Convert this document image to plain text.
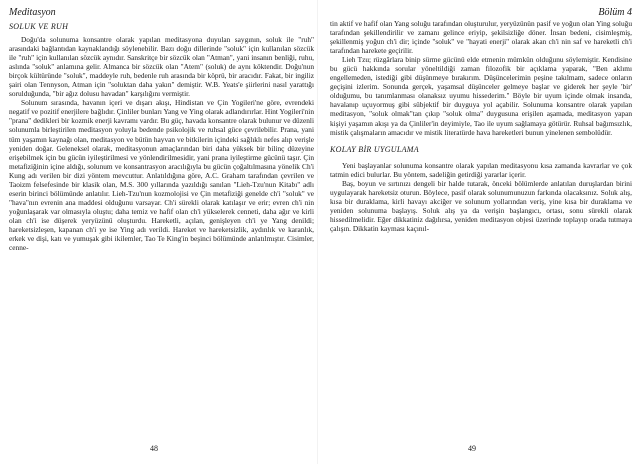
Meditasyon
SOLUK VE RUH

Doğu'da solunuma konsantre olarak yapılan meditasyona duyulan saygının, soluk ile "ruh" arasındaki bağlantıdan kaynaklandığı söylenebilir. Bazı doğu dillerinde "soluk" için kullanılan sözcük ile "ruh" için kullanılan sözcük aynıdır. Sanskritçe bir sözcük olan "Atman", yani insanın benliği, ruhu, aslında "soluk" anlamına gelir. Almanca bir sözcük olan "Atem" (soluk) de aynı köktendir. Doğu'nun birçok kültüründe "soluk", maddeyle ruh, bedenle ruh arasında bir köprü, bir aracıdır. Fakat, bir ingiliz şairi olan Tennyson, Atman için "soluktan daha yakın" demiştir. W.B. Yeats'e şiirlerini nasıl yarattığı sorulduğunda, "bir ağız dolusu havadan" karşılığını vermiştir.

Solunum sırasında, havanın içeri ve dışarı akışı, Hindistan ve Çin Yogileri'ne göre, evrendeki negatif ve pozitif enerjilere bağlıdır. Çinliler bunları Yang ve Ying olarak adlandırırlar. Hint Yogileri'nin "prana" dedikleri bir kozmik enerji kavramı vardır. Bu güç, havada konsantre olarak bulunur ve düzenli solunumla birleştirilen meditasyon yoluyla bedende psikolojik ve ruhsal güce çevrilebilir. Prana, yani tüm yaşamın kaynağı olan, meditasyon ve bütün hayvan ve bitkilerin içindeki sağlıklı nefes alıp verişle yeniden doğar. Geleneksel olarak, meditasyonun amaçlarından biri daha yüksek bir bilinç düzeyine erişebilmek için bu gücün iyileştirilmesi ve yönlendirilmesidir, yani prana iyileştirme gücünü taşır. Çin metafiziğinin içine aldığı, solunum ve konsantrasyon aracılığıyla bu gücün çoğaltılmasına yönelik Ch'i Kung adı verilen bir dizi yöntem mevcuttur. Anlatıldığına göre, A.C. Graham tarafından çevrilen ve Taoizm felsefesinde bir klasik olan, M.S. 300 yıllarında yazıldığı sanılan "Lieh-Tzu'nun Kitabı" adlı eserin birinci bölümünde anlatılır. Lieh-Tzu'nun kozmolojisi ve Çin metafiziği genelde ch'i "soluk" ve "hava"nın evrenin ana maddesi olduğunu varsayar. Ch'i sürekli olarak katılaşır ve erir; evren ch'i nin yoğunlaşarak var olmasıyla oluştu; daha temiz ve hafif olan ch'i yükselerek cenneti, daha ağır ve kirli olan ch'i ise düşerek yeryüzünü oluşturdu. Hareketli, açılan, genişleyen ch'i ye Yang denildi; hareketsizleşen, kapanan ch'i ye ise Ying adı verildi. Hareket ve hareketsizlik, aydınlık ve karanlık, erkek ve dişi, katı ve yumuşak gibi ikilemler, Tao Te King'in beşinci bölümünde anlatılmıştır. Cisimler, cenne-

48
Bölüm 4

tin aktif ve hafif olan Yang soluğu tarafından oluşturulur, yeryüzünün pasif ve yoğun olan Ying soluğu tarafından şekillendirilir ve zamanı gelince eriyip, şekilsizliğe döner. İnsan bedeni, cisimleşmiş, şekillenmiş yoğun ch'i dir; içinde "soluk" ve "hayati enerji" olarak akan ch'i nin saf ve hareketli ch'i tarafından harekete geçirilir.

Lieh Tzu; rüzgârlara binip sürme gücünü elde etmenin mümkün olduğunu söylemiştir. Kendisine bu gücü hakkında sorular yöneltildiği zaman filozofik bir açıklama yaparak, "Ben aklımı engellemeden, istediği gibi düşünmeye bırakırım. Düşüncelerimin peşine takılmam, sadece onların geçişini izlerim. Sonunda gerçek, yaşamsal düşünceler gelmeye başlar ve giderek her şeyle 'bir' olduğumu, bu tanımlanması olanaksız uyumu hissederim." Böyle bir uyum içinde olmak insanda, havalanıp uçuyormuş gibi sübjektif bir duyguya yol açabilir. Solunuma konsantre olarak yapılan meditasyon, "soluk olmak"tan çıkıp "soluk olma" duygusuna erişilen aşamada, meditasyon yapan kişiyi yaşamın akışı ya da Çinliler'in deyimiyle, Tao ile uyum sağlamaya götürür. Ruhsal bağımsızlık, mistik çalışmaların amacıdır ve mistik literatürde hava hareketleri bunun yinelenen sembolüdür.

KOLAY BİR UYGULAMA

Yeni başlayanlar solunuma konsantre olarak yapılan meditasyonu kısa zamanda kavrarlar ve çok tatmin edici bulurlar. Bu yöntem, sadeliğin getirdiği yararlar içerir.

Baş, boyun ve sırtınızı dengeli bir halde tutarak, önceki bölümlerde anlatılan duruşlardan birini uygulayarak hareketsiz oturun. Böylece, pasif olarak solunumunuzun farkında olacaksınız. Soluk alış, kısa bir duraklama, kirli havayı akciğer ve solunum yollarından veriş, yine kısa bir duraklama ve yeniden solunuma başlayış. Soluk alış ya da verişin başlangıcı, ortası, sonu sürekli olarak hissedilmelidir. Eğer dikkatiniz dağılırsa, yeniden meditasyon objesi üzerinde toplayıp orada tutmaya çalışın. Dikkatin kayması kaçınıl-

49
